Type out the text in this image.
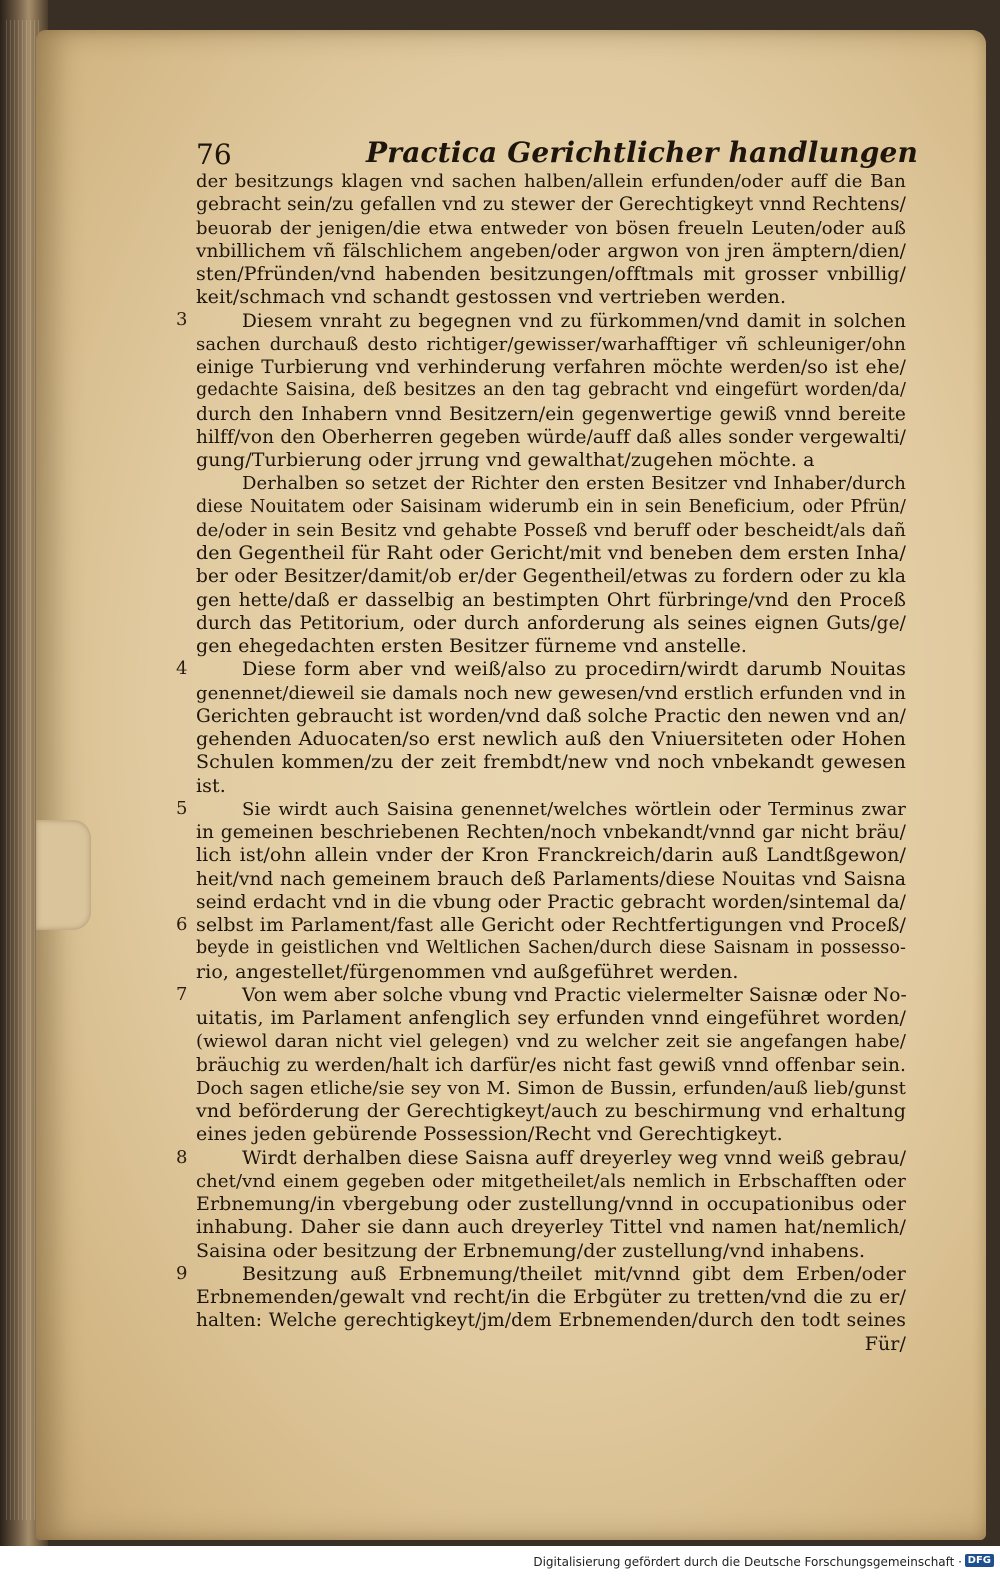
76	Practica Gerichtlicher handlungen
3
4
5
6
7
8
9
der besitzungs klagen vnd sachen halben/allein erfunden/oder auff die Ban
gebracht sein/zu gefallen vnd zu stewer der Gerechtigkeyt vnnd Rechtens/
beuorab der jenigen/die etwa entweder von bösen freueln Leuten/oder auß
vnbillichem vñ fälschlichem angeben/oder argwon von jren ämptern/dien/
sten/Pfründen/vnd habenden besitzungen/offtmals mit grosser vnbillig/
keit/schmach vnd schandt gestossen vnd vertrieben werden.
Diesem vnraht zu begegnen vnd zu fürkommen/vnd damit in solchen
sachen durchauß desto richtiger/gewisser/warhafftiger vñ schleuniger/ohn
einige Turbierung vnd verhinderung verfahren möchte werden/so ist ehe/
gedachte Saisina, deß besitzes an den tag gebracht vnd eingefürt worden/da/
durch den Inhabern vnnd Besitzern/ein gegenwertige gewiß vnnd bereite
hilff/von den Oberherren gegeben würde/auff daß alles sonder vergewalti/
gung/Turbierung oder jrrung vnd gewalthat/zugehen möchte. a
Derhalben so setzet der Richter den ersten Besitzer vnd Inhaber/durch
diese Nouitatem oder Saisinam widerumb ein in sein Beneficium, oder Pfrün/
de/oder in sein Besitz vnd gehabte Posseß vnd beruff oder bescheidt/als dañ
den Gegentheil für Raht oder Gericht/mit vnd beneben dem ersten Inha/
ber oder Besitzer/damit/ob er/der Gegentheil/etwas zu fordern oder zu kla
gen hette/daß er dasselbig an bestimpten Ohrt fürbringe/vnd den Proceß
durch das Petitorium, oder durch anforderung als seines eignen Guts/ge/
gen ehegedachten ersten Besitzer fürneme vnd anstelle.
Diese form aber vnd weiß/also zu procedirn/wirdt darumb Nouitas
genennet/dieweil sie damals noch new gewesen/vnd erstlich erfunden vnd in
Gerichten gebraucht ist worden/vnd daß solche Practic den newen vnd an/
gehenden Aduocaten/so erst newlich auß den Vniuersiteten oder Hohen
Schulen kommen/zu der zeit frembdt/new vnd noch vnbekandt gewesen
ist.
Sie wirdt auch Saisina genennet/welches wörtlein oder Terminus zwar
in gemeinen beschriebenen Rechten/noch vnbekandt/vnnd gar nicht bräu/
lich ist/ohn allein vnder der Kron Franckreich/darin auß Landtßgewon/
heit/vnd nach gemeinem brauch deß Parlaments/diese Nouitas vnd Saisna
seind erdacht vnd in die vbung oder Practic gebracht worden/sintemal da/
selbst im Parlament/fast alle Gericht oder Rechtfertigungen vnd Proceß/
beyde in geistlichen vnd Weltlichen Sachen/durch diese Saisnam in possesso-
rio, angestellet/fürgenommen vnd außgeführet werden.
Von wem aber solche vbung vnd Practic vielermelter Saisnæ oder No-
uitatis, im Parlament anfenglich sey erfunden vnnd eingeführet worden/
(wiewol daran nicht viel gelegen) vnd zu welcher zeit sie angefangen habe/
bräuchig zu werden/halt ich darfür/es nicht fast gewiß vnnd offenbar sein.
Doch sagen etliche/sie sey von M. Simon de Bussin, erfunden/auß lieb/gunst
vnd beförderung der Gerechtigkeyt/auch zu beschirmung vnd erhaltung
eines jeden gebürende Possession/Recht vnd Gerechtigkeyt.
Wirdt derhalben diese Saisna auff dreyerley weg vnnd weiß gebrau/
chet/vnd einem gegeben oder mitgetheilet/als nemlich in Erbschafften oder
Erbnemung/in vbergebung oder zustellung/vnnd in occupationibus oder
inhabung. Daher sie dann auch dreyerley Tittel vnd namen hat/nemlich/
Saisina oder besitzung der Erbnemung/der zustellung/vnd inhabens.
Besitzung auß Erbnemung/theilet mit/vnnd gibt dem Erben/oder
Erbnemenden/gewalt vnd recht/in die Erbgüter zu tretten/vnd die zu er/
halten: Welche gerechtigkeyt/jm/dem Erbnemenden/durch den todt seines
Für/
Digitalisierung gefördert durch die Deutsche Forschungsgemeinschaft · DFG
